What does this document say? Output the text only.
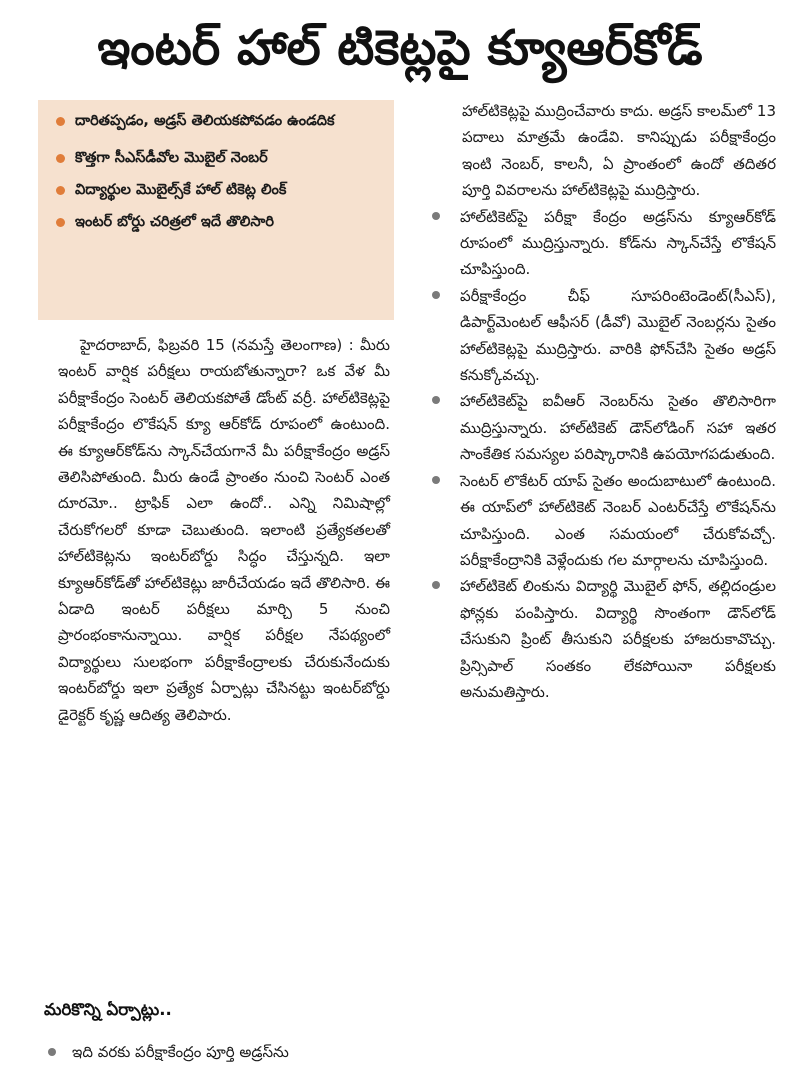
ఇంటర్ హాల్ టికెట్లపై క్యూఆర్‌కోడ్
దారితప్పడం, అడ్రస్ తెలియకపోవడం ఉండదిక
కొత్తగా సీఎస్‌డీవోల మొబైల్ నెంబర్
విద్యార్థుల మొబైల్స్‌కే హాల్ టికెట్ల లింక్
ఇంటర్ బోర్డు చరిత్రలో ఇదే తొలిసారి

హైదరాబాద్, ఫిబ్రవరి 15 (నమస్తే తెలంగాణ) : మీరు ఇంటర్ వార్షిక పరీక్షలు రాయబోతున్నారా? ఒక వేళ మీ పరీక్షాకేంద్రం సెంటర్ తెలియకపోతే డోంట్ వర్రీ. హాల్‌టికెట్లపై పరీక్షాకేంద్రం లొకేషన్ క్యూ ఆర్‌కోడ్ రూపంలో ఉంటుంది. ఈ క్యూఆర్‌కోడ్‌ను స్కాన్‌చేయగానే మీ పరీక్షాకేంద్రం అడ్రస్ తెలిసిపోతుంది. మీరు ఉండే ప్రాంతం నుంచి సెంటర్ ఎంత దూరమో.. ట్రాఫిక్ ఎలా ఉందో.. ఎన్ని నిమిషాల్లో చేరుకోగలరో కూడా చెబుతుంది. ఇలాంటి ప్రత్యేకతలతో హాల్‌టికెట్లను ఇంటర్‌బోర్డు సిద్ధం చేస్తున్నది. ఇలా క్యూఆర్‌కోడ్‌తో హాల్‌టికెట్లు జారీచేయడం ఇదే తొలిసారి. ఈ ఏడాది ఇంటర్ పరీక్షలు మార్చి 5 నుంచి ప్రారంభంకానున్నాయి. వార్షిక పరీక్షల నేపథ్యంలో విద్యార్థులు సులభంగా పరీక్షాకేంద్రాలకు చేరుకునేందుకు ఇంటర్‌బోర్డు ఇలా ప్రత్యేక ఏర్పాట్లు చేసినట్టు ఇంటర్‌బోర్డు డైరెక్టర్ కృష్ణ ఆదిత్య తెలిపారు.

మరికొన్ని ఏర్పాట్లు..
ఇది వరకు పరీక్షాకేంద్రం పూర్తి అడ్రస్‌ను
హాల్‌టికెట్లపై ముద్రించేవారు కాదు. అడ్రస్ కాలమ్‌లో 13 పదాలు మాత్రమే ఉండేవి. కానిప్పుడు పరీక్షాకేంద్రం ఇంటి నెంబర్, కాలనీ, ఏ ప్రాంతంలో ఉందో తదితర పూర్తి వివరాలను హాల్‌టికెట్లపై ముద్రిస్తారు.
హాల్‌టికెట్‌పై పరీక్షా కేంద్రం అడ్రస్‌ను క్యూఆర్‌కోడ్ రూపంలో ముద్రిస్తున్నారు. కోడ్‌ను స్కాన్‌చేస్తే లొకేషన్ చూపిస్తుంది.
పరీక్షాకేంద్రం చీఫ్ సూపరింటెండెంట్(సీఎస్), డిపార్ట్‌మెంటల్ ఆఫీసర్ (డీవో) మొబైల్ నెంబర్లను సైతం హాల్‌టికెట్లపై ముద్రిస్తారు. వారికి ఫోన్‌చేసి సైతం అడ్రస్ కనుక్కోవచ్చు.
హాల్‌టికెట్‌పై ఐవీఆర్ నెంబర్‌ను సైతం తొలిసారిగా ముద్రిస్తున్నారు. హాల్‌టికెట్ డౌన్‌లోడింగ్ సహా ఇతర సాంకేతిక సమస్యల పరిష్కారానికి ఉపయోగపడుతుంది.
సెంటర్ లొకేటర్ యాప్ సైతం అందుబాటులో ఉంటుంది. ఈ యాప్‌లో హాల్‌టికెట్ నెంబర్ ఎంటర్‌చేస్తే లొకేషన్‌ను చూపిస్తుంది. ఎంత సమయంలో చేరుకోవచ్చో. పరీక్షాకేంద్రానికి వెళ్లేందుకు గల మార్గాలను చూపిస్తుంది.
హాల్‌టికెట్ లింకును విద్యార్థి మొబైల్ ఫోన్, తల్లిదండ్రుల ఫోన్లకు పంపిస్తారు. విద్యార్థి సొంతంగా డౌన్‌లోడ్ చేసుకుని ప్రింట్ తీసుకుని పరీక్షలకు హాజరుకావొచ్చు. ప్రిన్సిపాల్ సంతకం లేకపోయినా పరీక్షలకు అనుమతిస్తారు.
